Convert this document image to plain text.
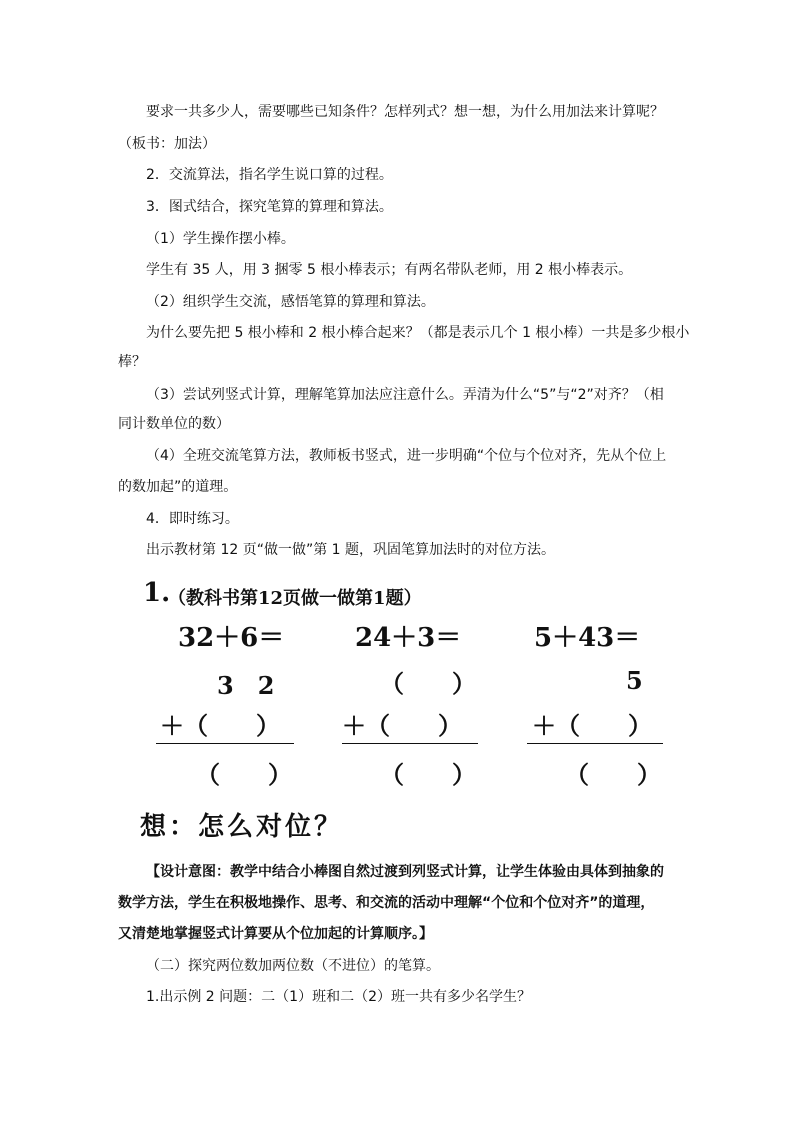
要求一共多少人，需要哪些已知条件？怎样列式？想一想，为什么用加法来计算呢？
（板书：加法）
2．交流算法，指名学生说口算的过程。
3．图式结合，探究笔算的算理和算法。
（1）学生操作摆小棒。
学生有 35 人，用 3 捆零 5 根小棒表示；有两名带队老师，用 2 根小棒表示。
（2）组织学生交流，感悟笔算的算理和算法。
为什么要先把 5 根小棒和 2 根小棒合起来？（都是表示几个 1 根小棒）一共是多少根小
棒？
（3）尝试列竖式计算，理解笔算加法应注意什么。弄清为什么“5”与“2”对齐？（相
同计数单位的数）
（4）全班交流笔算方法，教师板书竖式，进一步明确“个位与个位对齐，先从个位上
的数加起”的道理。
4．即时练习。
出示教材第 12 页“做一做”第 1 题，巩固笔算加法时的对位方法。
1.
（教科书第12页做一做第1题）
32＋6＝	24＋3＝	5＋43＝
3　2	（　　）	5
＋（　　）	＋（　　）	＋（　　）
（　　）	（　　）	（　　）
想：怎么对位？
【设计意图：教学中结合小棒图自然过渡到列竖式计算，让学生体验由具体到抽象的
数学方法，学生在积极地操作、思考、和交流的活动中理解“个位和个位对齐”的道理，
又清楚地掌握竖式计算要从个位加起的计算顺序。】
（二）探究两位数加两位数（不进位）的笔算。
1.出示例 2 问题：二（1）班和二（2）班一共有多少名学生？
